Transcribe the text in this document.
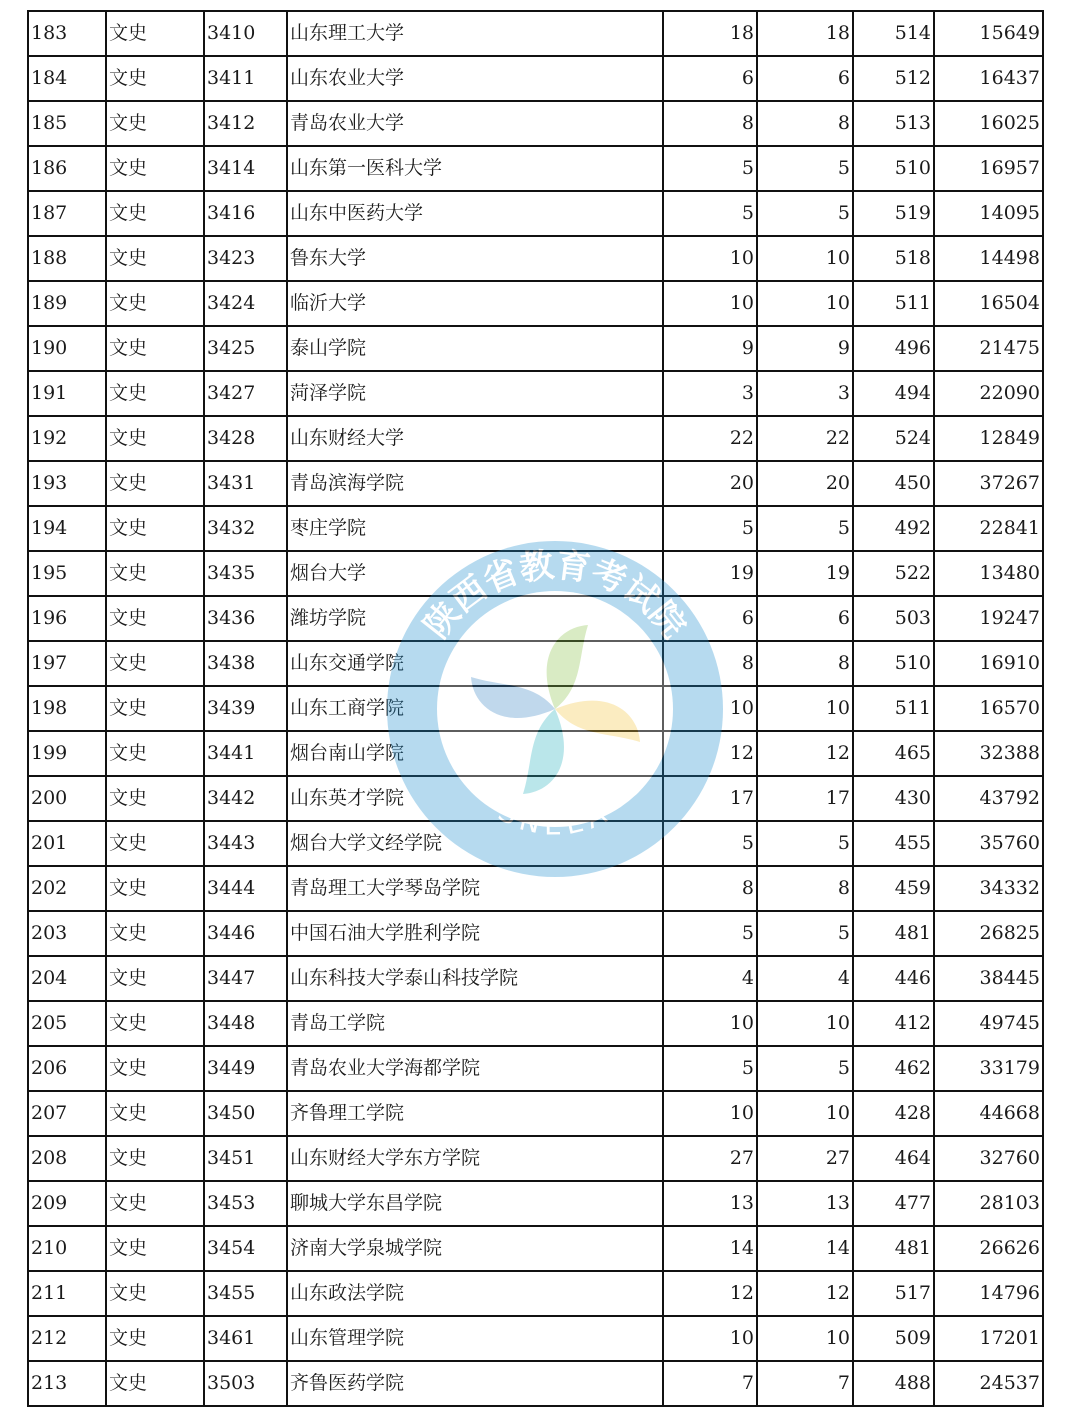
183	文史	3410	山东理工大学	18	18	514	15649
184	文史	3411	山东农业大学	6	6	512	16437
185	文史	3412	青岛农业大学	8	8	513	16025
186	文史	3414	山东第一医科大学	5	5	510	16957
187	文史	3416	山东中医药大学	5	5	519	14095
188	文史	3423	鲁东大学	10	10	518	14498
189	文史	3424	临沂大学	10	10	511	16504
190	文史	3425	泰山学院	9	9	496	21475
191	文史	3427	菏泽学院	3	3	494	22090
192	文史	3428	山东财经大学	22	22	524	12849
193	文史	3431	青岛滨海学院	20	20	450	37267
194	文史	3432	枣庄学院	5	5	492	22841
195	文史	3435	烟台大学	19	19	522	13480
196	文史	3436	潍坊学院	6	6	503	19247
197	文史	3438	山东交通学院	8	8	510	16910
198	文史	3439	山东工商学院	10	10	511	16570
199	文史	3441	烟台南山学院	12	12	465	32388
200	文史	3442	山东英才学院	17	17	430	43792
201	文史	3443	烟台大学文经学院	5	5	455	35760
202	文史	3444	青岛理工大学琴岛学院	8	8	459	34332
203	文史	3446	中国石油大学胜利学院	5	5	481	26825
204	文史	3447	山东科技大学泰山科技学院	4	4	446	38445
205	文史	3448	青岛工学院	10	10	412	49745
206	文史	3449	青岛农业大学海都学院	5	5	462	33179
207	文史	3450	齐鲁理工学院	10	10	428	44668
208	文史	3451	山东财经大学东方学院	27	27	464	32760
209	文史	3453	聊城大学东昌学院	13	13	477	28103
210	文史	3454	济南大学泉城学院	14	14	481	26626
211	文史	3455	山东政法学院	12	12	517	14796
212	文史	3461	山东管理学院	10	10	509	17201
213	文史	3503	齐鲁医药学院	7	7	488	24537
陕西省教育考试院
SNEEA
